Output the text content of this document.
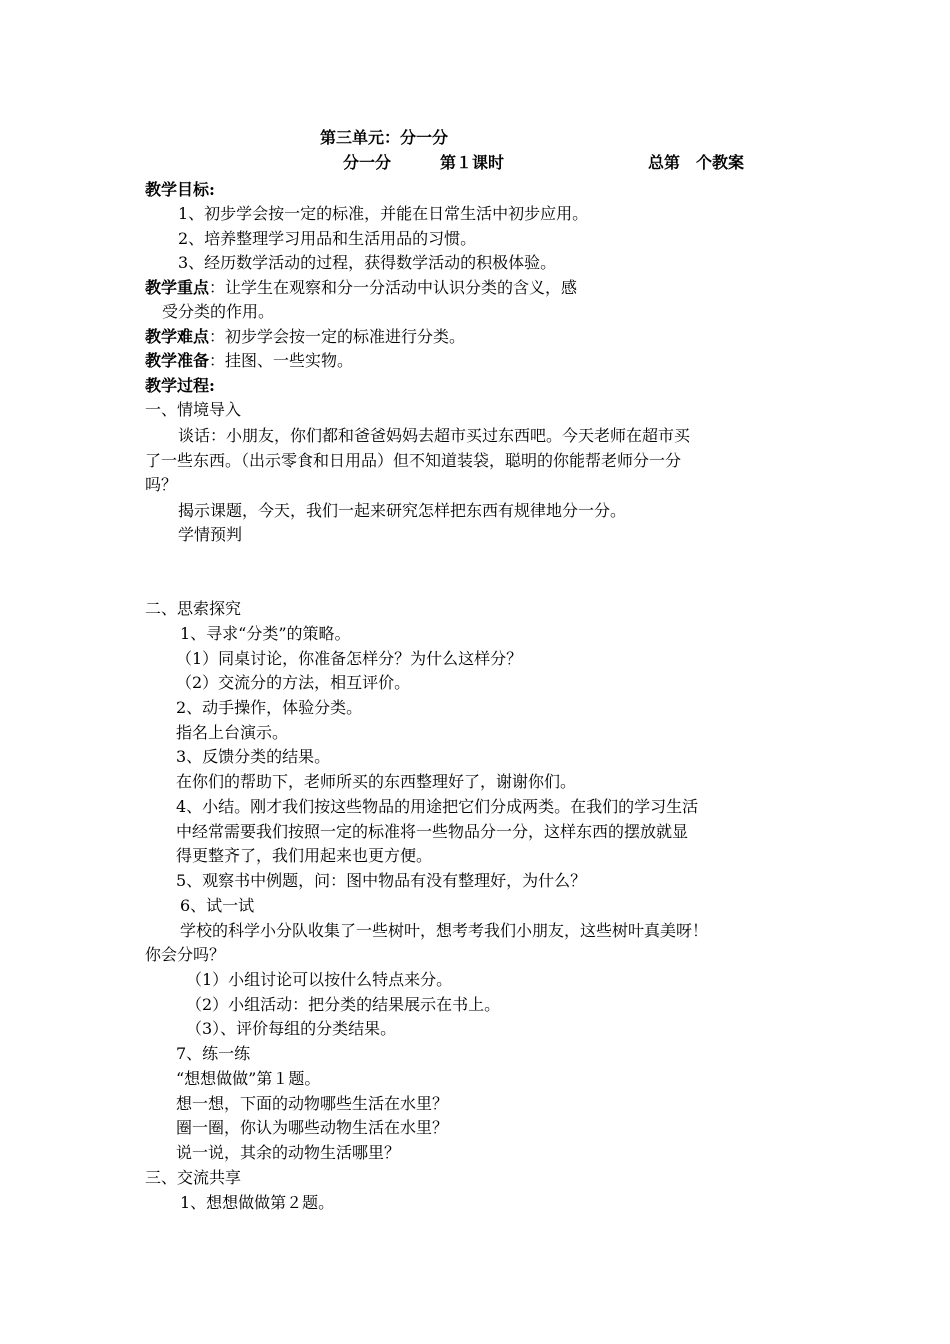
第三单元：分一分
分一分	第１课时	总第　个教案
教学目标:
1、初步学会按一定的标准，并能在日常生活中初步应用。
2、培养整理学习用品和生活用品的习惯。
3、经历数学活动的过程，获得数学活动的积极体验。
教学重点：让学生在观察和分一分活动中认识分类的含义，感
受分类的作用。
教学难点：初步学会按一定的标准进行分类。
教学准备：挂图、一些实物。
教学过程:
一、情境导入
谈话：小朋友，你们都和爸爸妈妈去超市买过东西吧。今天老师在超市买
了一些东西。（出示零食和日用品）但不知道装袋，聪明的你能帮老师分一分
吗？
揭示课题，今天，我们一起来研究怎样把东西有规律地分一分。
学情预判
二、思索探究
1、寻求“分类”的策略。
（1）同桌讨论，你准备怎样分？为什么这样分？
（2）交流分的方法，相互评价。
2、动手操作，体验分类。
指名上台演示。
3、反馈分类的结果。
在你们的帮助下，老师所买的东西整理好了，谢谢你们。
4、小结。刚才我们按这些物品的用途把它们分成两类。在我们的学习生活
中经常需要我们按照一定的标准将一些物品分一分，这样东西的摆放就显
得更整齐了，我们用起来也更方便。
5、观察书中例题，问：图中物品有没有整理好，为什么？
6、试一试
学校的科学小分队收集了一些树叶，想考考我们小朋友，这些树叶真美呀！
你会分吗？
（1）小组讨论可以按什么特点来分。
（2）小组活动：把分类的结果展示在书上。
（3）、评价每组的分类结果。
7、练一练
“想想做做”第１题。
想一想，下面的动物哪些生活在水里？
圈一圈，你认为哪些动物生活在水里？
说一说，其余的动物生活哪里？
三、交流共享
1、想想做做第２题。
